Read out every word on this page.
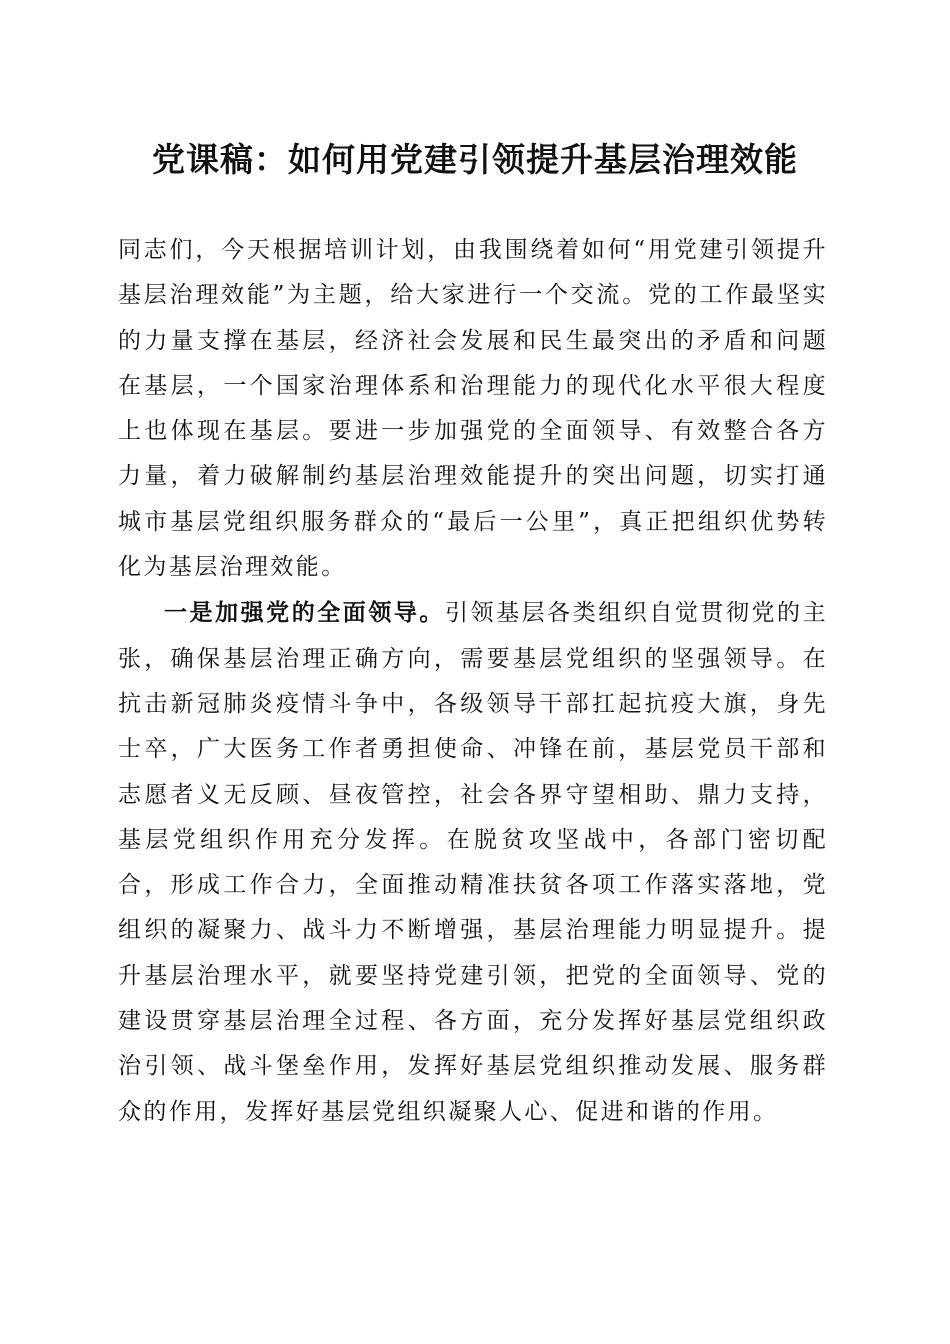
党课稿：如何用党建引领提升基层治理效能

同志们，今天根据培训计划，由我围绕着如何“用党建引领提升基层治理效能”为主题，给大家进行一个交流。党的工作最坚实的力量支撑在基层，经济社会发展和民生最突出的矛盾和问题在基层，一个国家治理体系和治理能力的现代化水平很大程度上也体现在基层。要进一步加强党的全面领导、有效整合各方力量，着力破解制约基层治理效能提升的突出问题，切实打通城市基层党组织服务群众的“最后一公里”，真正把组织优势转化为基层治理效能。

一是加强党的全面领导。引领基层各类组织自觉贯彻党的主张，确保基层治理正确方向，需要基层党组织的坚强领导。在抗击新冠肺炎疫情斗争中，各级领导干部扛起抗疫大旗，身先士卒，广大医务工作者勇担使命、冲锋在前，基层党员干部和志愿者义无反顾、昼夜管控，社会各界守望相助、鼎力支持，基层党组织作用充分发挥。在脱贫攻坚战中，各部门密切配合，形成工作合力，全面推动精准扶贫各项工作落实落地，党组织的凝聚力、战斗力不断增强，基层治理能力明显提升。提升基层治理水平，就要坚持党建引领，把党的全面领导、党的建设贯穿基层治理全过程、各方面，充分发挥好基层党组织政治引领、战斗堡垒作用，发挥好基层党组织推动发展、服务群众的作用，发挥好基层党组织凝聚人心、促进和谐的作用。
